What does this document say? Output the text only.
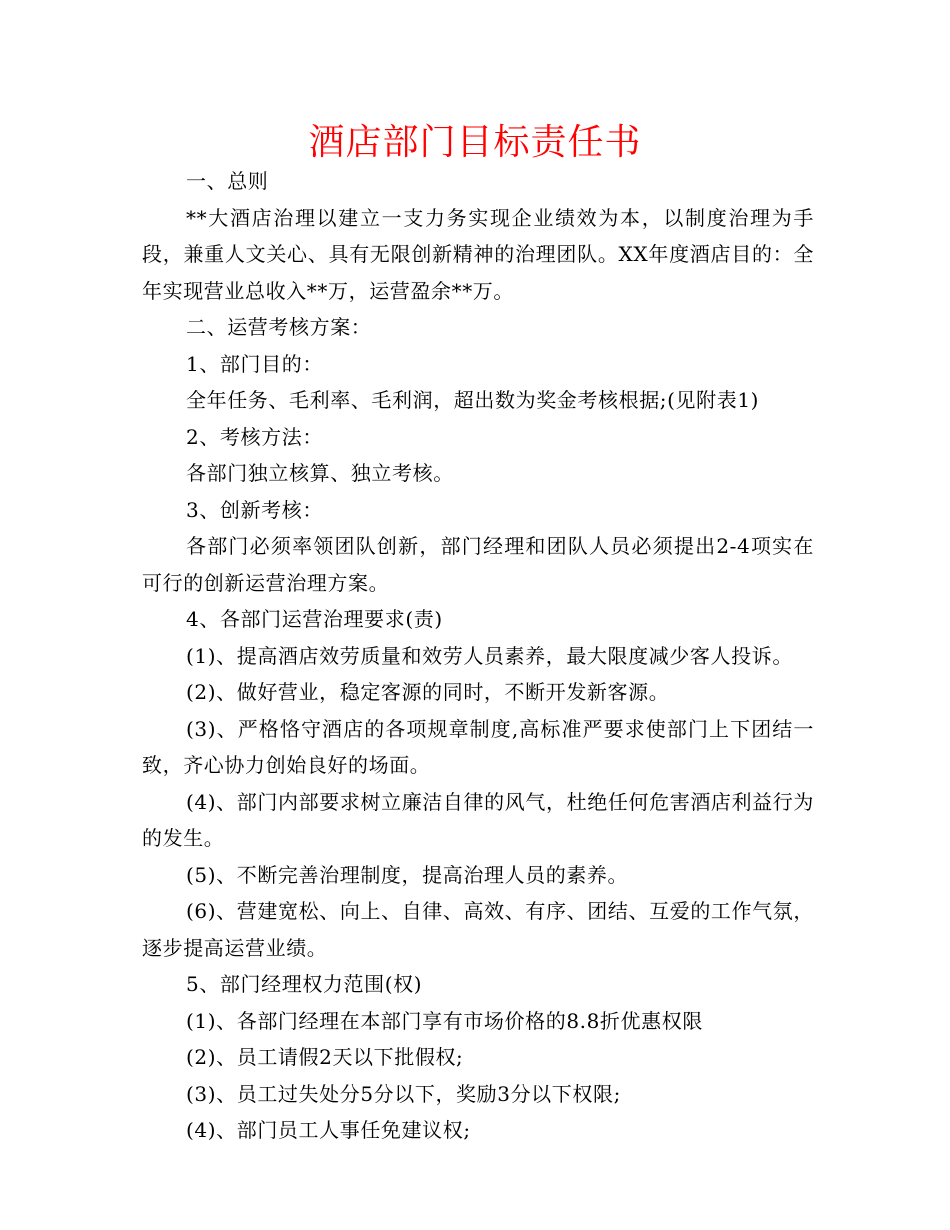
酒店部门目标责任书

一、总则

**大酒店治理以建立一支力务实现企业绩效为本，以制度治理为手段，兼重人文关心、具有无限创新精神的治理团队。XX年度酒店目的：全年实现营业总收入**万，运营盈余**万。

二、运营考核方案：

1、部门目的：

全年任务、毛利率、毛利润，超出数为奖金考核根据;(见附表1)

2、考核方法：

各部门独立核算、独立考核。

3、创新考核：

各部门必须率领团队创新，部门经理和团队人员必须提出2-4项实在可行的创新运营治理方案。

4、各部门运营治理要求(责)

(1)、提高酒店效劳质量和效劳人员素养，最大限度减少客人投诉。

(2)、做好营业，稳定客源的同时，不断开发新客源。

(3)、严格恪守酒店的各项规章制度,高标准严要求使部门上下团结一致，齐心协力创始良好的场面。

(4)、部门内部要求树立廉洁自律的风气，杜绝任何危害酒店利益行为的发生。

(5)、不断完善治理制度，提高治理人员的素养。

(6)、营建宽松、向上、自律、高效、有序、团结、互爱的工作气氛，逐步提高运营业绩。

5、部门经理权力范围(权)

(1)、各部门经理在本部门享有市场价格的8.8折优惠权限

(2)、员工请假2天以下批假权;

(3)、员工过失处分5分以下，奖励3分以下权限;

(4)、部门员工人事任免建议权;
